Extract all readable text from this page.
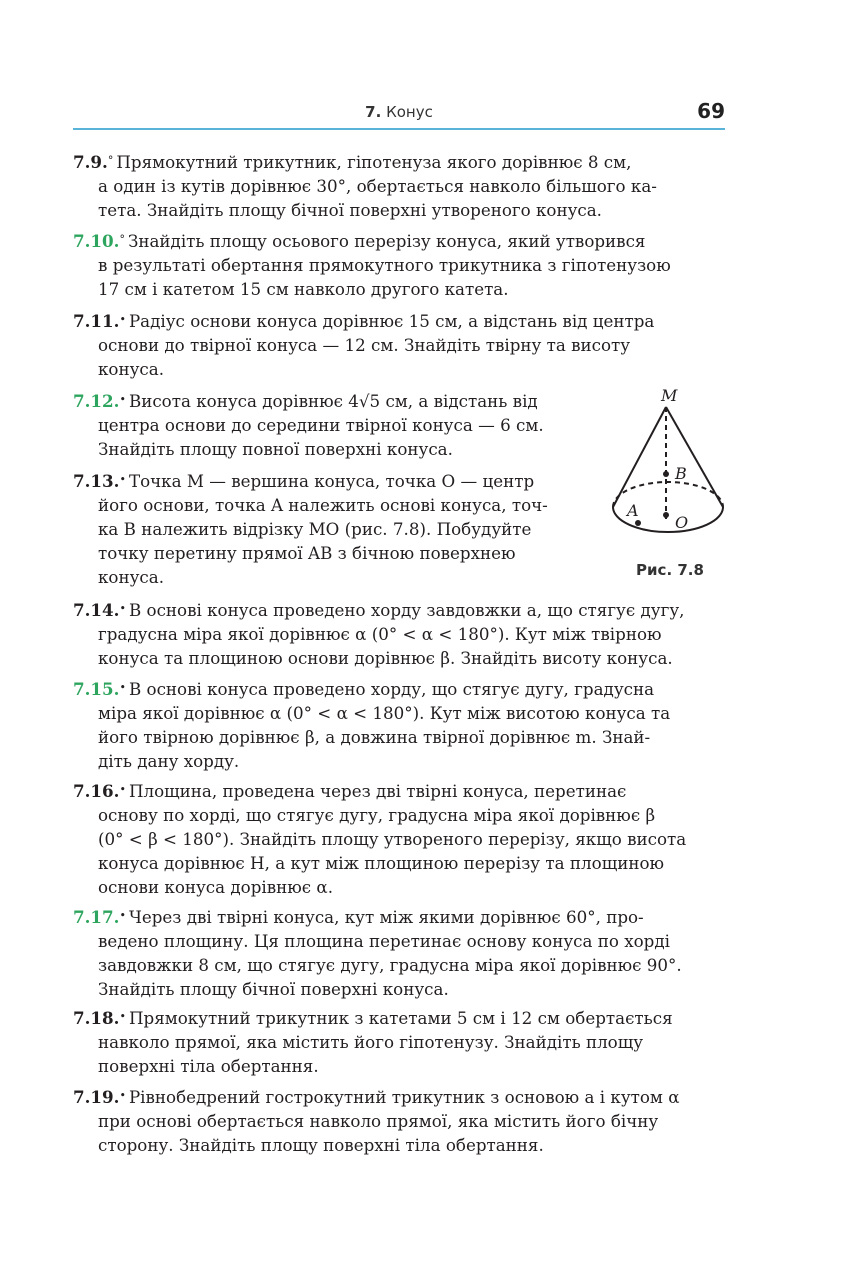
7. Конус	69
7.9.° Прямокутний трикутник, гіпотенуза якого дорівнює 8 см,
а один із кутів дорівнює 30°, обертається навколо більшого ка-
тета. Знайдіть площу бічної поверхні утвореного конуса.
7.10.° Знайдіть площу осьового перерізу конуса, який утворився
в результаті обертання прямокутного трикутника з гіпотенузою
17 см і катетом 15 см навколо другого катета.
7.11.• Радіус основи конуса дорівнює 15 см, а відстань від центра
основи до твірної конуса — 12 см. Знайдіть твірну та висоту
конуса.
7.12.• Висота конуса дорівнює 4√5 см, а відстань від
центра основи до середини твірної конуса — 6 см.
Знайдіть площу повної поверхні конуса.
7.13.• Точка M — вершина конуса, точка O — центр
його основи, точка A належить основі конуса, точ-
ка B належить відрізку MO (рис. 7.8). Побудуйте
точку перетину прямої AB з бічною поверхнею
конуса.
7.14.• В основі конуса проведено хорду завдовжки a, що стягує дугу,
градусна міра якої дорівнює α (0° < α < 180°). Кут між твірною
конуса та площиною основи дорівнює β. Знайдіть висоту конуса.
7.15.• В основі конуса проведено хорду, що стягує дугу, градусна
міра якої дорівнює α (0° < α < 180°). Кут між висотою конуса та
його твірною дорівнює β, а довжина твірної дорівнює m. Знай-
діть дану хорду.
7.16.• Площина, проведена через дві твірні конуса, перетинає
основу по хорді, що стягує дугу, градусна міра якої дорівнює β
(0° < β < 180°). Знайдіть площу утвореного перерізу, якщо висота
конуса дорівнює H, а кут між площиною перерізу та площиною
основи конуса дорівнює α.
7.17.• Через дві твірні конуса, кут між якими дорівнює 60°, про-
ведено площину. Ця площина перетинає основу конуса по хорді
завдовжки 8 см, що стягує дугу, градусна міра якої дорівнює 90°.
Знайдіть площу бічної поверхні конуса.
7.18.• Прямокутний трикутник з катетами 5 см і 12 см обертається
навколо прямої, яка містить його гіпотенузу. Знайдіть площу
поверхні тіла обертання.
7.19.• Рівнобедрений гострокутний трикутник з основою a і кутом α
при основі обертається навколо прямої, яка містить його бічну
сторону. Знайдіть площу поверхні тіла обертання.
M
B
A
O
Рис. 7.8
